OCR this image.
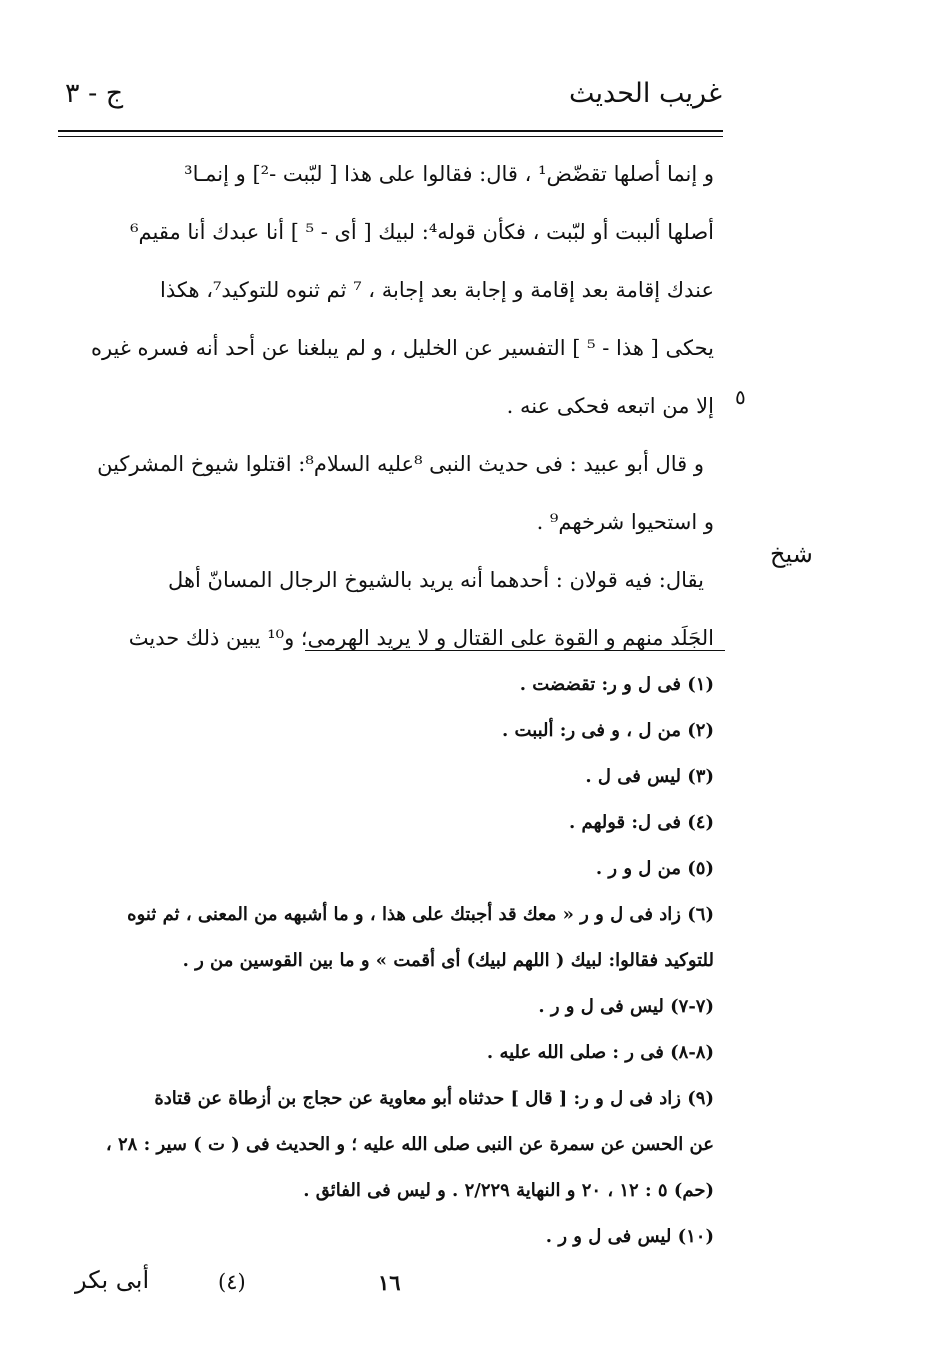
غريب الحديث
ج - ٣
و إنما أصلها تقضّض¹ ، قال: فقالوا على هذا [ لبّبت -²] و إنمـا³
أصلها ألببت أو لبّبت ، فكأن قوله⁴: لبيك [ أى - ⁵ ] أنا عبدك أنا مقيم⁶
عندك إقامة بعد إقامة و إجابة بعد إجابة ، ⁷ ثم ثنوه للتوكيد⁷، هكذا
يحكى [ هذا - ⁵ ] التفسير عن الخليل ، و لم يبلغنا عن أحد أنه فسره غيره
إلا من اتبعه فحكى عنه .
و قال أبو عبيد : فى حديث النبى ⁸عليه السلام⁸: اقتلوا شيوخ المشركين
و استحيوا شرخهم⁹ .
يقال: فيه قولان : أحدهما أنه يريد بالشيوخ الرجال المسانّ أهل
الجَلَد منهم و القوة على القتال و لا يريد الهرمى؛ و¹⁰ يبين ذلك حديث
٥
شيخ
(١) فى ل و ر: تقضضت .
(٢) من ل ، و فى ر: ألببت .
(٣) ليس فى ل .
(٤) فى ل: قولهم .
(٥) من ل و ر .
(٦) زاد فى ل و ر « معك قد أجبتك على هذا ، و ما أشبهه من المعنى ، ثم ثنوه
للتوكيد فقالوا: لبيك ( اللهم لبيك) أى أقمت » و ما بين القوسين من ر .
(٧-٧) ليس فى ل و ر .
(٨-٨) فى ر : صلى الله عليه .
(٩) زاد فى ل و ر: [ قال ] حدثناه أبو معاوية عن حجاج بن أزطاة عن قتادة
عن الحسن عن سمرة عن النبى صلى الله عليه ؛ و الحديث فى ( ت ) سير : ٢٨ ،
(حم) ٥ : ١٢ ، ٢٠ و النهاية ٢/٢٢٩ . و ليس فى الفائق .
(١٠) ليس فى ل و ر .
١٦
(٤)
أبى بكر
